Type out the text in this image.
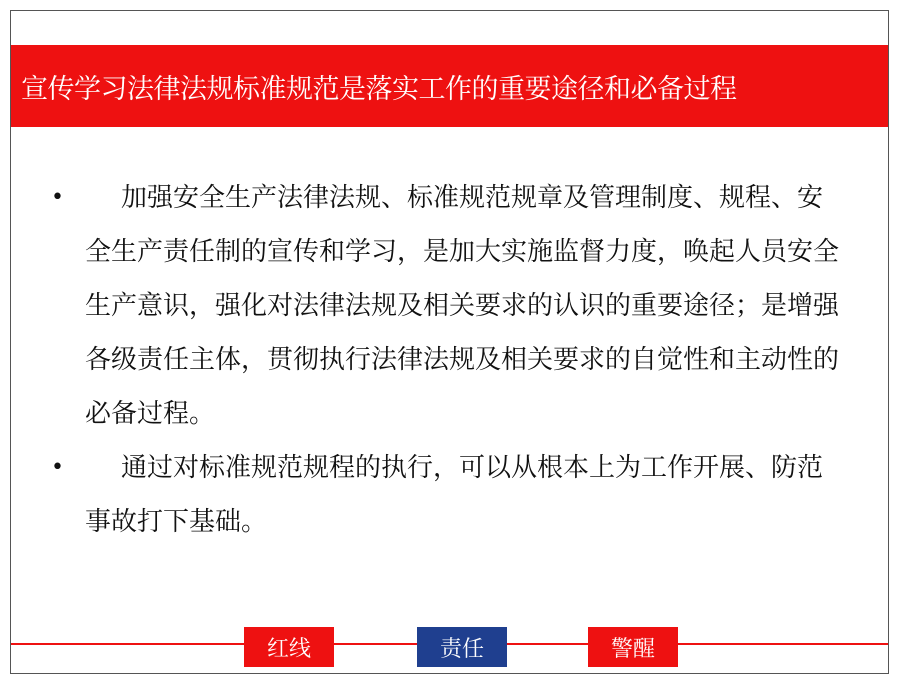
宣传学习法律法规标准规范是落实工作的重要途径和必备过程
•	加强安全生产法律法规、标准规范规章及管理制度、规程、安全生产责任制的宣传和学习，是加大实施监督力度，唤起人员安全生产意识，强化对法律法规及相关要求的认识的重要途径；是增强各级责任主体，贯彻执行法律法规及相关要求的自觉性和主动性的必备过程。
•	通过对标准规范规程的执行，可以从根本上为工作开展、防范事故打下基础。
红线	责任	警醒
